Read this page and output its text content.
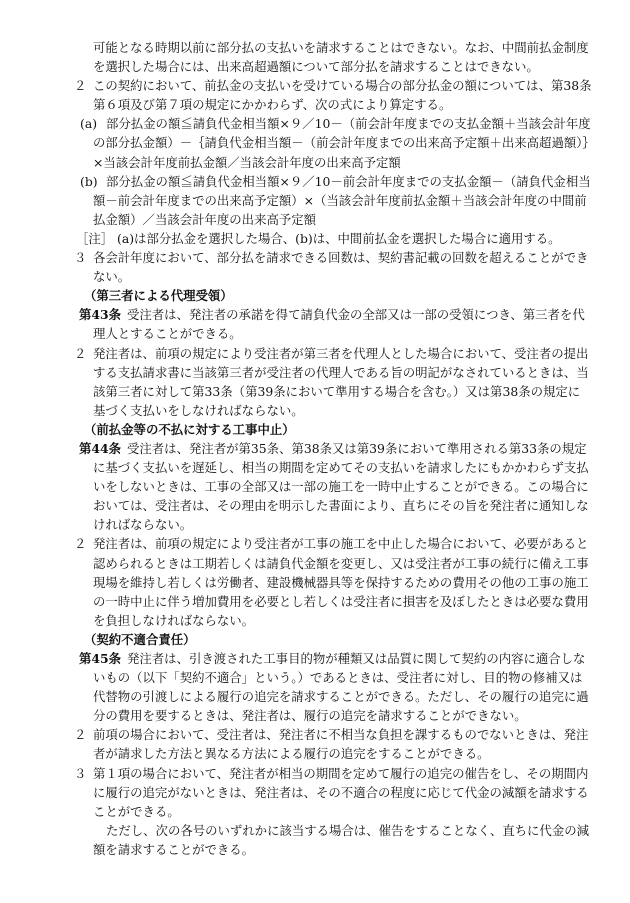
可能となる時期以前に部分払の支払いを請求することはできない。なお、中間前払金制度を選択した場合には、出来高超過額について部分払を請求することはできない。

２ この契約において、前払金の支払いを受けている場合の部分払金の額については、第38条第６項及び第７項の規定にかかわらず、次の式により算定する。

(a) 部分払金の額≦請負代金相当額×９／10－（前会計年度までの支払金額＋当該会計年度の部分払金額）－｛請負代金相当額－（前会計年度までの出来高予定額＋出来高超過額）｝×当該会計年度前払金額／当該会計年度の出来高予定額

(b) 部分払金の額≦請負代金相当額×９／10－前会計年度までの支払金額－（請負代金相当額－前会計年度までの出来高予定額）×（当該会計年度前払金額＋当該会計年度の中間前払金額）／当該会計年度の出来高予定額

［注］ (a)は部分払金を選択した場合、(b)は、中間前払金を選択した場合に適用する。

３ 各会計年度において、部分払を請求できる回数は、契約書記載の回数を超えることができない。

（第三者による代理受領）

第43条 受注者は、発注者の承諾を得て請負代金の全部又は一部の受領につき、第三者を代理人とすることができる。

２ 発注者は、前項の規定により受注者が第三者を代理人とした場合において、受注者の提出する支払請求書に当該第三者が受注者の代理人である旨の明記がなされているときは、当該第三者に対して第33条（第39条において準用する場合を含む。）又は第38条の規定に基づく支払いをしなければならない。

（前払金等の不払に対する工事中止）

第44条 受注者は、発注者が第35条、第38条又は第39条において準用される第33条の規定に基づく支払いを遅延し、相当の期間を定めてその支払いを請求したにもかかわらず支払いをしないときは、工事の全部又は一部の施工を一時中止することができる。この場合においては、受注者は、その理由を明示した書面により、直ちにその旨を発注者に通知しなければならない。

２ 発注者は、前項の規定により受注者が工事の施工を中止した場合において、必要があると認められるときは工期若しくは請負代金額を変更し、又は受注者が工事の続行に備え工事現場を維持し若しくは労働者、建設機械器具等を保持するための費用その他の工事の施工の一時中止に伴う増加費用を必要とし若しくは受注者に損害を及ぼしたときは必要な費用を負担しなければならない。

（契約不適合責任）

第45条 発注者は、引き渡された工事目的物が種類又は品質に関して契約の内容に適合しないもの（以下「契約不適合」という。）であるときは、受注者に対し、目的物の修補又は代替物の引渡しによる履行の追完を請求することができる。ただし、その履行の追完に過分の費用を要するときは、発注者は、履行の追完を請求することができない。

２ 前項の場合において、受注者は、発注者に不相当な負担を課するものでないときは、発注者が請求した方法と異なる方法による履行の追完をすることができる。

３ 第１項の場合において、発注者が相当の期間を定めて履行の追完の催告をし、その期間内に履行の追完がないときは、発注者は、その不適合の程度に応じて代金の減額を請求することができる。

ただし、次の各号のいずれかに該当する場合は、催告をすることなく、直ちに代金の減額を請求することができる。
